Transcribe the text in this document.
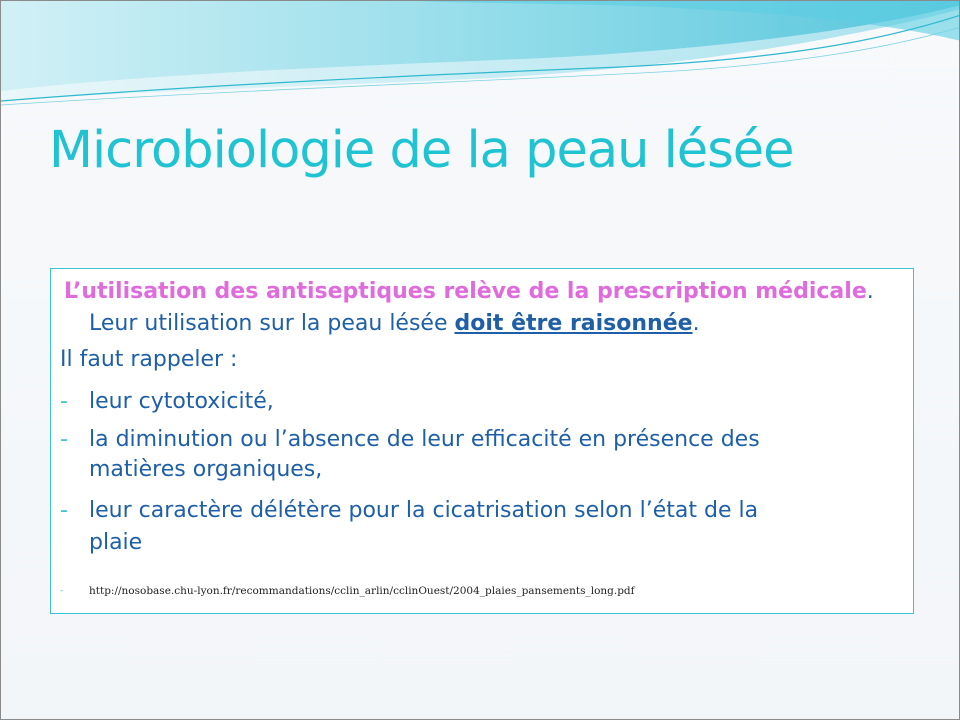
Microbiologie de la peau lésée
L’utilisation des antiseptiques relève de la prescription médicale.
Leur utilisation sur la peau lésée doit être raisonnée.
Il faut rappeler :
- leur cytotoxicité,
- la diminution ou l’absence de leur efficacité en présence des
matières organiques,
- leur caractère délétère pour la cicatrisation selon l’état de la
plaie
- http://nosobase.chu-lyon.fr/recommandations/cclin_arlin/cclinOuest/2004_plaies_pansements_long.pdf
